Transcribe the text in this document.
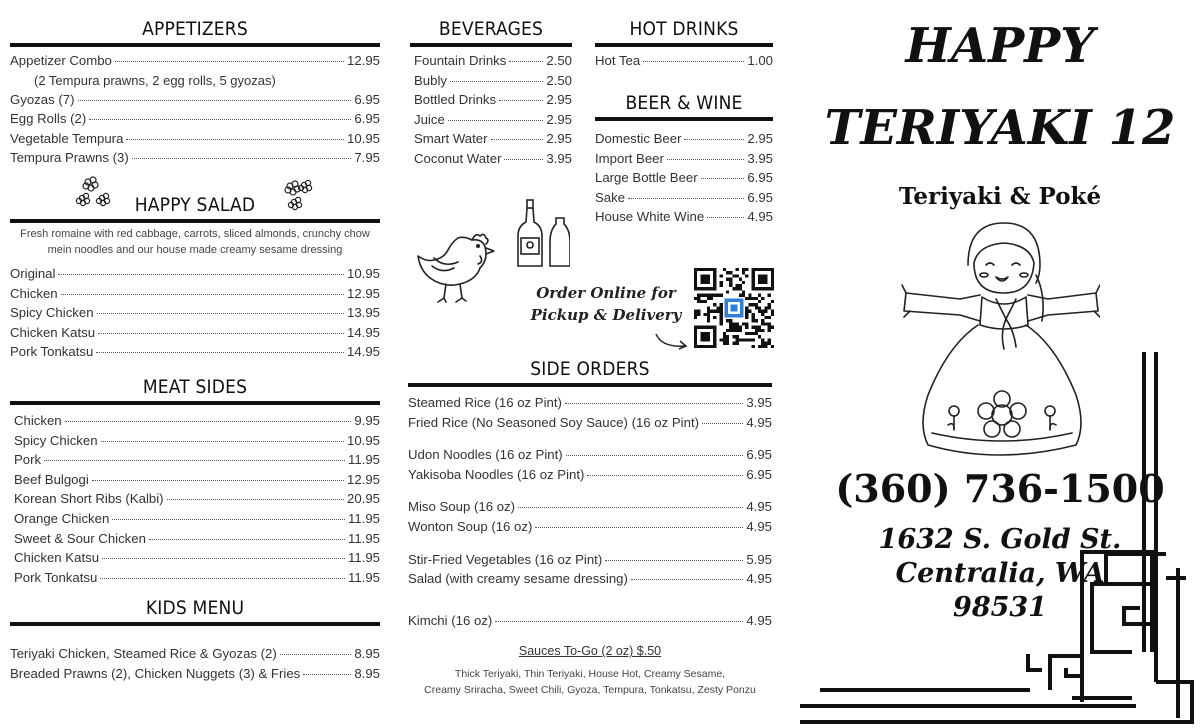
APPETIZERS
Appetizer Combo	12.95
(2 Tempura prawns, 2 egg rolls, 5 gyozas)
Gyozas (7)	6.95
Egg Rolls (2)	6.95
Vegetable Tempura	10.95
Tempura Prawns (3)	7.95
HAPPY SALAD
Fresh romaine with red cabbage, carrots, sliced almonds, crunchy chow mein noodles and our house made creamy sesame dressing
Original	10.95
Chicken	12.95
Spicy Chicken	13.95
Chicken Katsu	14.95
Pork Tonkatsu	14.95
MEAT SIDES
Chicken	9.95
Spicy Chicken	10.95
Pork	11.95
Beef Bulgogi	12.95
Korean Short Ribs (Kalbi)	20.95
Orange Chicken	11.95
Sweet & Sour Chicken	11.95
Chicken Katsu	11.95
Pork Tonkatsu	11.95
KIDS MENU
Teriyaki Chicken, Steamed Rice & Gyozas (2)	8.95
Breaded Prawns (2), Chicken Nuggets (3) & Fries	8.95
BEVERAGES
Fountain Drinks	2.50
Bubly	2.50
Bottled Drinks	2.95
Juice	2.95
Smart Water	2.95
Coconut Water	3.95
HOT DRINKS
Hot Tea	1.00
BEER & WINE
Domestic Beer	2.95
Import Beer	3.95
Large Bottle Beer	6.95
Sake	6.95
House White Wine	4.95
Order Online for
Pickup & Delivery
SIDE ORDERS
Steamed Rice (16 oz Pint)	3.95
Fried Rice (No Seasoned Soy Sauce) (16 oz Pint)	4.95
Udon Noodles (16 oz Pint)	6.95
Yakisoba Noodles (16 oz Pint)	6.95
Miso Soup (16 oz)	4.95
Wonton Soup (16 oz)	4.95
Stir-Fried Vegetables (16 oz Pint)	5.95
Salad (with creamy sesame dressing)	4.95
Kimchi (16 oz)	4.95
Sauces To-Go (2 oz) $.50
Thick Teriyaki, Thin Teriyaki, House Hot, Creamy Sesame,
Creamy Sriracha, Sweet Chili, Gyoza, Tempura, Tonkatsu, Zesty Ponzu
HAPPY
TERIYAKI 12
Teriyaki & Poké
(360) 736-1500
1632 S. Gold St.
Centralia, WA
98531
